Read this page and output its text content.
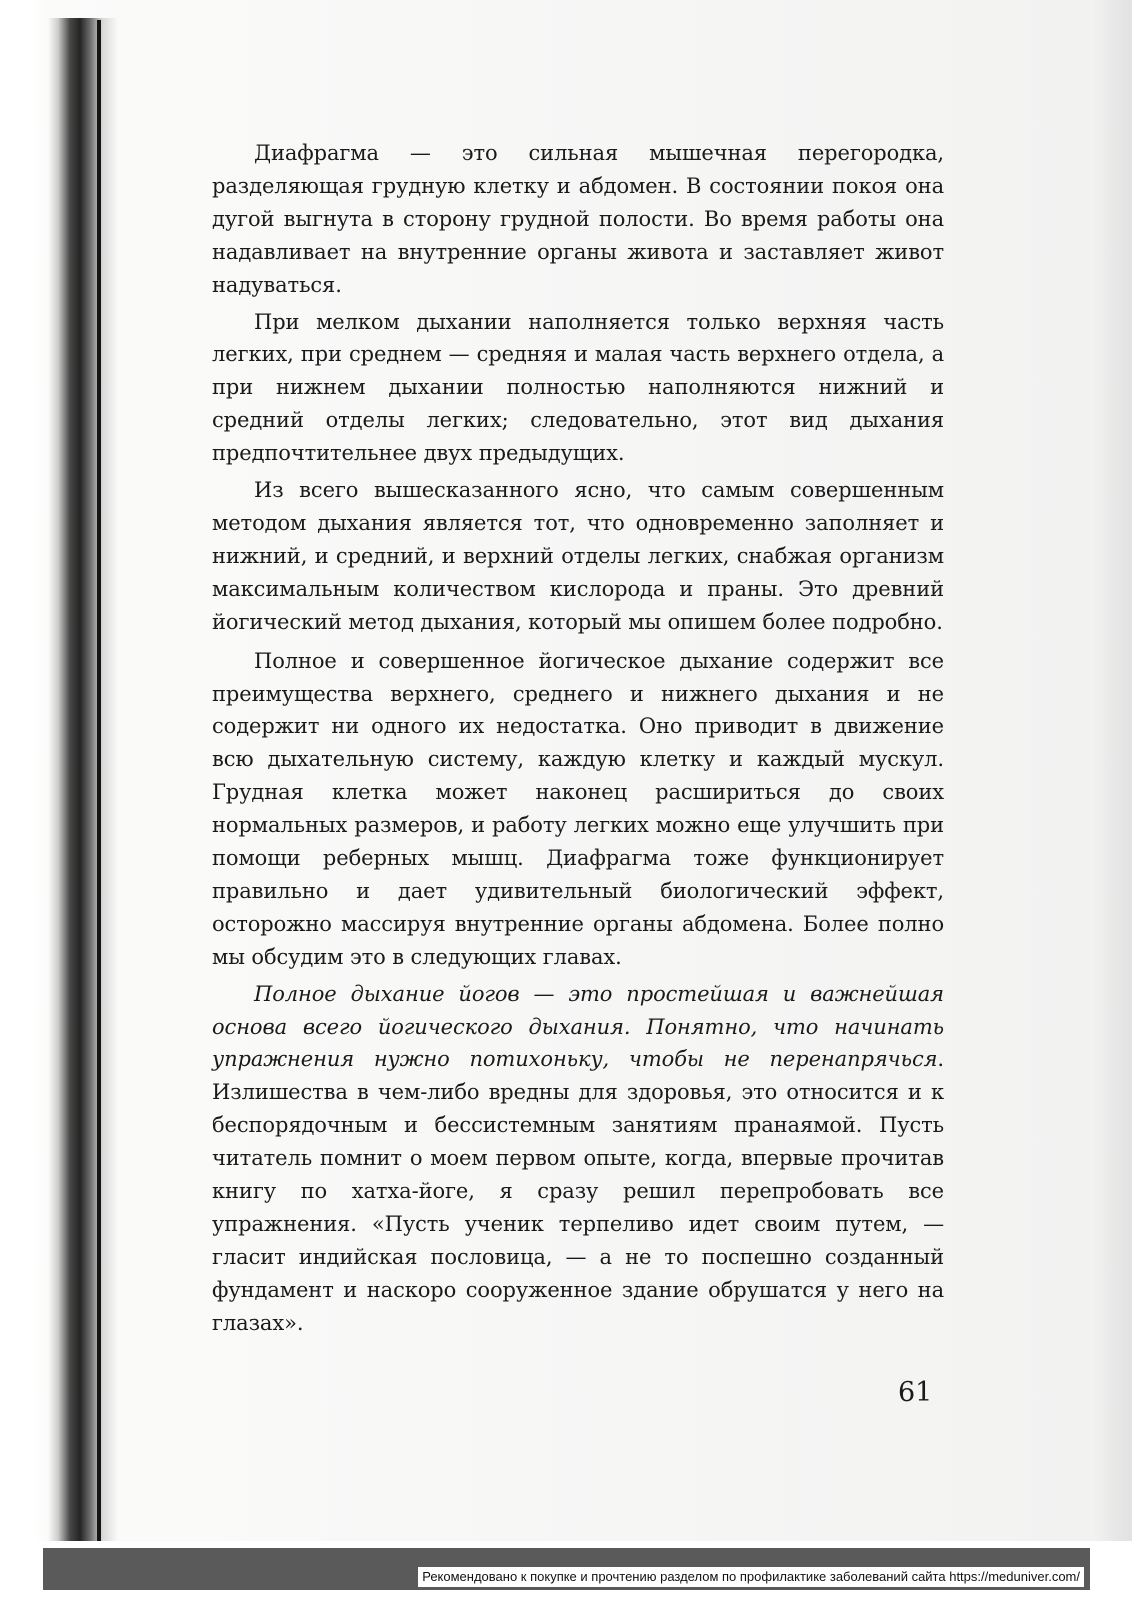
Диафрагма — это сильная мышечная перегородка, разделяющая грудную клетку и абдомен. В состоянии покоя она дугой выгнута в сторону грудной полости. Во время работы она надавливает на внутренние органы живота и заставляет живот надуваться.

При мелком дыхании наполняется только верхняя часть легких, при среднем — средняя и малая часть верхнего отдела, а при нижнем дыхании полностью наполняются нижний и средний отделы легких; следовательно, этот вид дыхания предпочтительнее двух предыдущих.

Из всего вышесказанного ясно, что самым совершенным методом дыхания является тот, что одновременно заполняет и нижний, и средний, и верхний отделы легких, снабжая организм максимальным количеством кислорода и праны. Это древний йогический метод дыхания, который мы опишем более подробно.

Полное и совершенное йогическое дыхание содержит все преимущества верхнего, среднего и нижнего дыхания и не содержит ни одного их недостатка. Оно приводит в движение всю дыхательную систему, каждую клетку и каждый мускул. Грудная клетка может наконец расшириться до своих нормальных размеров, и работу легких можно еще улучшить при помощи реберных мышц. Диафрагма тоже функционирует правильно и дает удивительный биологический эффект, осторожно массируя внутренние органы абдомена. Более полно мы обсудим это в следующих главах.

Полное дыхание йогов — это простейшая и важнейшая основа всего йогического дыхания. Понятно, что начинать упражнения нужно потихоньку, чтобы не перенапрячься. Излишества в чем-либо вредны для здоровья, это относится и к беспорядочным и бессистемным занятиям пранаямой. Пусть читатель помнит о моем первом опыте, когда, впервые прочитав книгу по хатха-йоге, я сразу решил перепробовать все упражнения. «Пусть ученик терпеливо идет своим путем, — гласит индийская пословица, — а не то поспешно созданный фундамент и наскоро сооруженное здание обрушатся у него на глазах».

61
Рекомендовано к покупке и прочтению разделом по профилактике заболеваний сайта https://meduniver.com/
